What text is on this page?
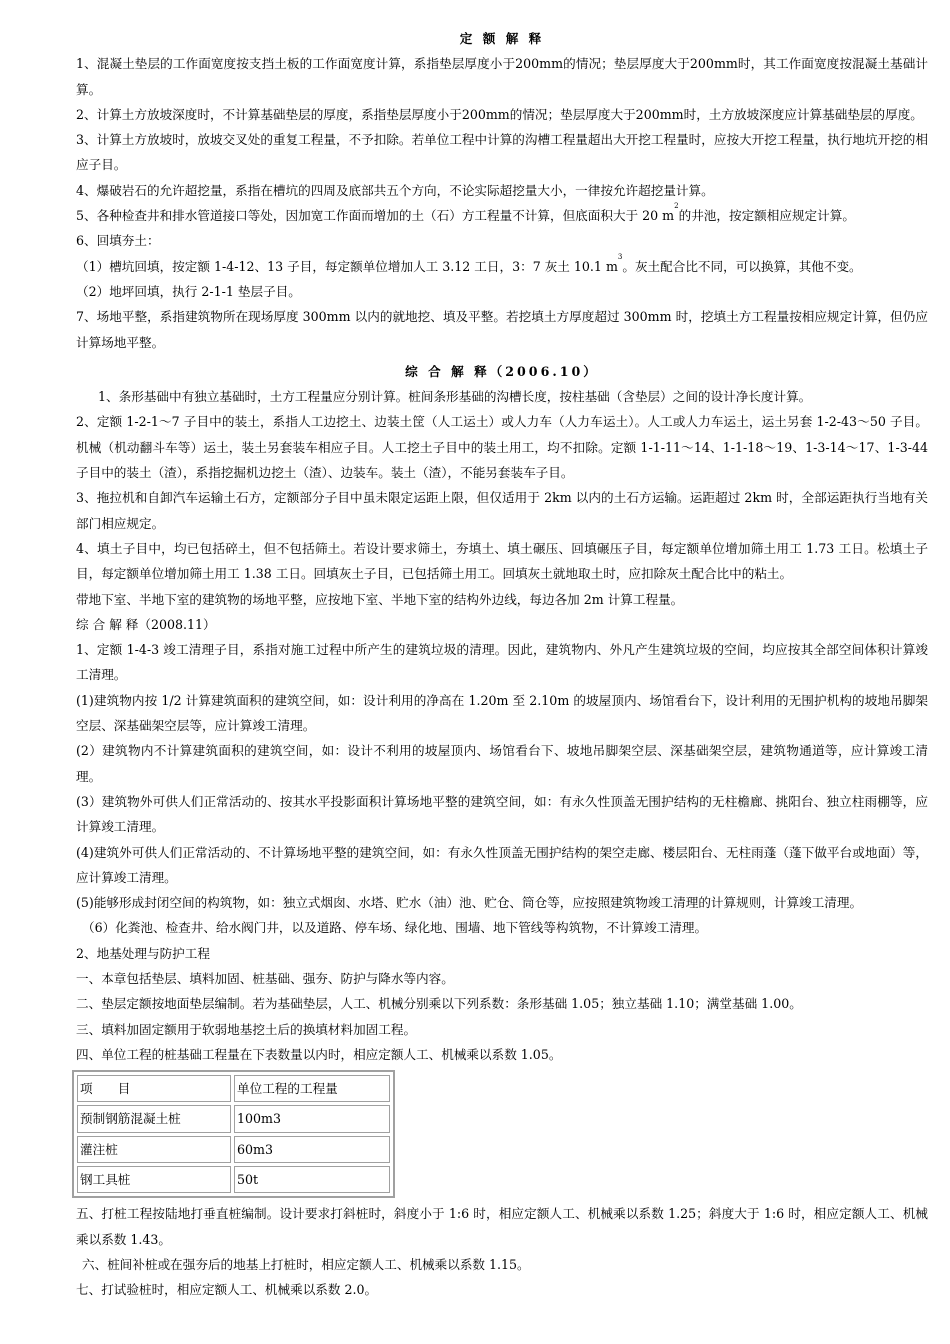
定 额 解 释
1、混凝土垫层的工作面宽度按支挡土板的工作面宽度计算，系指垫层厚度小于200mm的情况；垫层厚度大于200mm时，其工作面宽度按混凝土基础计算。
2、计算土方放坡深度时，不计算基础垫层的厚度，系指垫层厚度小于200mm的情况；垫层厚度大于200mm时，土方放坡深度应计算基础垫层的厚度。
3、计算土方放坡时，放坡交叉处的重复工程量，不予扣除。若单位工程中计算的沟槽工程量超出大开挖工程量时，应按大开挖工程量，执行地坑开挖的相应子目。
4、爆破岩石的允许超挖量，系指在槽坑的四周及底部共五个方向，不论实际超挖量大小，一律按允许超挖量计算。
5、各种检查井和排水管道接口等处，因加宽工作面而增加的土（石）方工程量不计算，但底面积大于 20 $m^2$的井池，按定额相应规定计算。
6、回填夯土：
（1）槽坑回填，按定额 1-4-12、13 子目，每定额单位增加人工 3.12 工日，3：7 灰土 10.1 $m^3$。灰土配合比不同，可以换算，其他不变。
（2）地坪回填，执行 2-1-1 垫层子目。
7、场地平整，系指建筑物所在现场厚度 300mm 以内的就地挖、填及平整。若挖填土方厚度超过 300mm 时，挖填土方工程量按相应规定计算，但仍应计算场地平整。
综 合 解 释（2006.10）
1、条形基础中有独立基础时，土方工程量应分别计算。桩间条形基础的沟槽长度，按柱基础（含垫层）之间的设计净长度计算。
2、定额 1-2-1～7 子目中的装土，系指人工边挖土、边装土筐（人工运土）或人力车（人力车运土）。人工或人力车运土，运土另套 1-2-43～50 子目。机械（机动翻斗车等）运土，装土另套装车相应子目。人工挖土子目中的装土用工，均不扣除。定额 1-1-11～14、1-1-18～19、1-3-14～17、1-3-44 子目中的装土（渣），系指挖掘机边挖土（渣）、边装车。装土（渣），不能另套装车子目。
3、拖拉机和自卸汽车运输土石方，定额部分子目中虽未限定运距上限，但仅适用于 2km 以内的土石方运输。运距超过 2km 时，全部运距执行当地有关部门相应规定。
4、填土子目中，均已包括碎土，但不包括筛土。若设计要求筛土，夯填土、填土碾压、回填碾压子目，每定额单位增加筛土用工 1.73 工日。松填土子目，每定额单位增加筛土用工 1.38 工日。回填灰土子目，已包括筛土用工。回填灰土就地取土时，应扣除灰土配合比中的粘土。
带地下室、半地下室的建筑物的场地平整，应按地下室、半地下室的结构外边线，每边各加 2m 计算工程量。
综 合 解 释（2008.11）
1、定额 1-4-3 竣工清理子目，系指对施工过程中所产生的建筑垃圾的清理。因此，建筑物内、外凡产生建筑垃圾的空间，均应按其全部空间体积计算竣工清理。
(1)建筑物内按 1/2 计算建筑面积的建筑空间，如：设计利用的净高在 1.20m 至 2.10m 的坡屋顶内、场馆看台下，设计利用的无围护机构的坡地吊脚架空层、深基础架空层等，应计算竣工清理。
(2）建筑物内不计算建筑面积的建筑空间，如：设计不利用的坡屋顶内、场馆看台下、坡地吊脚架空层、深基础架空层，建筑物通道等，应计算竣工清理。
(3）建筑物外可供人们正常活动的、按其水平投影面积计算场地平整的建筑空间，如：有永久性顶盖无围护结构的无柱檐廊、挑阳台、独立柱雨棚等，应计算竣工清理。
(4)建筑外可供人们正常活动的、不计算场地平整的建筑空间，如：有永久性顶盖无围护结构的架空走廊、楼层阳台、无柱雨蓬（蓬下做平台或地面）等，应计算竣工清理。
(5)能够形成封闭空间的构筑物，如：独立式烟囱、水塔、贮水（油）池、贮仓、筒仓等，应按照建筑物竣工清理的计算规则，计算竣工清理。
（6）化粪池、检查井、给水阀门井，以及道路、停车场、绿化地、围墙、地下管线等构筑物，不计算竣工清理。
2、地基处理与防护工程
一、本章包括垫层、填料加固、桩基础、强夯、防护与降水等内容。
二、垫层定额按地面垫层编制。若为基础垫层，人工、机械分别乘以下列系数：条形基础 1.05；独立基础 1.10；满堂基础 1.00。
三、填料加固定额用于软弱地基挖土后的换填材料加固工程。
四、单位工程的桩基础工程量在下表数量以内时，相应定额人工、机械乘以系数 1.05。
项　　目	单位工程的工程量
预制钢筋混凝土桩	100m3
灌注桩	60m3
钢工具桩	50t
五、打桩工程按陆地打垂直桩编制。设计要求打斜桩时，斜度小于 1:6 时，相应定额人工、机械乘以系数 1.25；斜度大于 1:6 时，相应定额人工、机械乘以系数 1.43。
六、桩间补桩或在强夯后的地基上打桩时，相应定额人工、机械乘以系数 1.15。
七、打试验桩时，相应定额人工、机械乘以系数 2.0。
